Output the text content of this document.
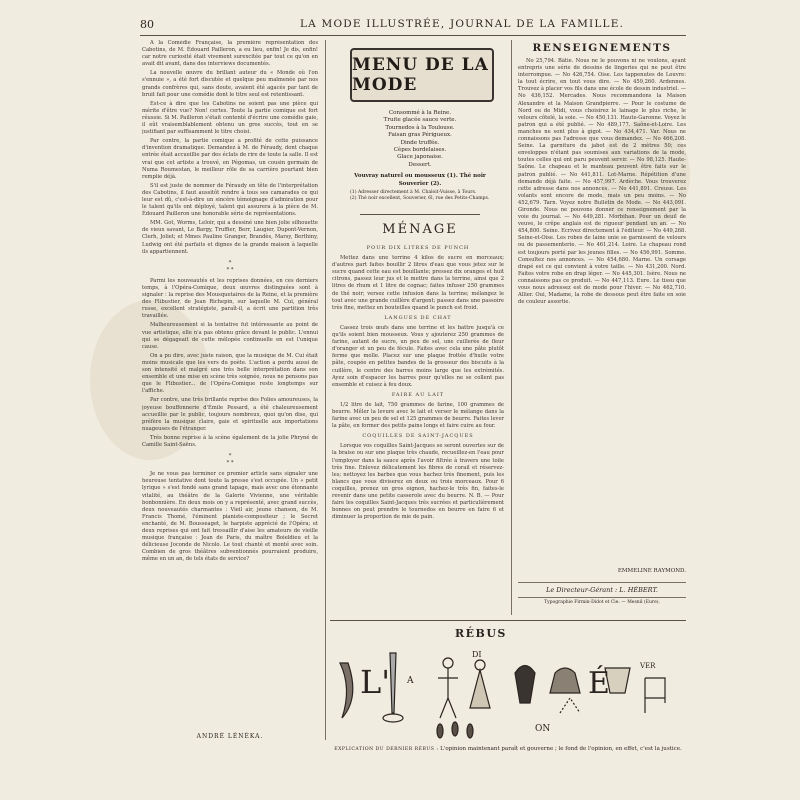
80	LA MODE ILLUSTRÉE, JOURNAL DE LA FAMILLE.

A la Comédie Française, la première représentation des Cabotins, de M. Édouard Pailleron, a eu lieu, enfin! Je dis, enfin! car notre curiosité était vivement surexcitée par tout ce qu'on en avait dit avant, dans des interviews documentés.

La nouvelle œuvre du brillant auteur du « Monde où l'on s'ennuie », a été fort discutée et quelque peu malmenée par nos grands confrères qui, sans doute, avaient été agacés par tant de bruit fait pour une comédie dont le titre seul est retentissant.

Est-ce à dire que les Cabotins ne soient pas une pièce qui mérite d'être vue? Non! certes. Toute la partie comique est fort réussie. Si M. Pailleron s'était contenté d'écrire une comédie gaie, il eût vraisemblablement obtenu un gros succès, tout en se justifiant par suffisamment le titre choisi.

Par contre, la partie comique a profité de cette puissance d'invention dramatique. Demandez à M. de Féraudy, dont chaque entrée était accueillie par des éclats de rire de toute la salle. Il est vrai que cet artiste a trouvé, en Pégomas, un cousin germain de Numa Roumestan, le meilleur rôle de sa carrière pourtant bien remplie déjà.

S'il est juste de nommer de Féraudy en tête de l'interprétation des Cabotins, il faut aussitôt rendre à tous ses camarades ce qui leur est dû, c'est-à-dire un sincère témoignage d'admiration pour le talent qu'ils ont déployé, talent qui assurera à la pièce de M. Édouard Pailleron une honorable série de représentations.

MM. Got, Worms, Leloir, qui a dessiné une bien jolie silhouette de vieux savant, Le Bargy, Truffier, Berr, Laugier, Dupont-Vernon, Clerh, Joliet; et Mmes Pauline Granger, Brandès, Marsy, Berthiny, Ludwig ont été parfaits et dignes de la grande maison à laquelle ils appartiennent.

*
* *

Parmi les nouveautés et les reprises données, en ces derniers temps, à l'Opéra-Comique, deux œuvres distinguées sont à signaler : la reprise des Mousquetaires de la Reine, et la première des Flibustier, de Jean Richepin, sur laquelle M. Cui, général russe, excellent stratégiste, paraît-il, a écrit une partition très travaillée.

Malheureusement si la tentative fut intéressante au point de vue artistique, elle n'a pas obtenu grâce devant le public. L'ennui qui se dégageait de cette mélopée continuelle en est l'unique cause.

On a pu dire, avec juste raison, que la musique de M. Cui était moins musicale que les vers du poète. L'action a perdu aussi de son intensité et malgré une très belle interprétation dans son ensemble et une mise en scène très soignée, nous ne pensons pas que le Flibustier... de l'Opéra-Comique reste longtemps sur l'affiche.

Par contre, une très brillante reprise des Folies amoureuses, la joyeuse bouffonnerie d'Émile Pessard, a été chaleureusement accueillie par le public, toujours nombreux, quoi qu'on dise, qui préfère la musique claire, gaie et spirituelle aux importations nuageuses de l'étranger.

Très bonne reprise à la scène également de la jolie Phryné de Camille Saint-Saëns.

*
* *

Je ne vous pas terminer ce premier article sans signaler une heureuse tentative dont toute la presse s'est occupée. Un « petit lyrique » s'est fondé sans grand tapage, mais avec une étonnante vitalité, au théâtre de la Galerie Vivienne, une véritable bonbonnière. En deux mois on y a représenté, avec grand succès, deux nouveautés charmantes : Vieil air, jeune chanson, de M. Francis Thomé, l'éminent pianiste-compositeur ; le Secret enchanté, de M. Bousseaget, le harpiste apprécié de l'Opéra; et deux reprises qui ont fait tressaillir d'aise les amateurs de vieille musique française : Jean de Paris, du maître Boieldieu et la délicieuse Joconde de Nicolo. Le tout chanté et monté avec soin. Combien de gros théâtres subventionnés pourraient produire, même en un an, de tels états de service?

ANDRÉ LÉNÉKA.
MENU DE LA MODE
Consommé à la Reine.
Truite glacée sauce verte.
Tournedos à la Toulouse.
Faisan gras Périgueux.
Dinde truffée.
Cèpes bordelaises.
Glace japonaise.
Dessert.
Vouvray naturel ou mousseux (1). Thé noir Souverier (2).
(1) Adresser directement à M. Chaloit-Vuisse, à Tours.
(2) Thé noir excellent, Souverier, 6l, rue des Petits-Champs.
MÉNAGE
POUR DIX LITRES DE PUNCH

Mettez dans une terrine 4 kilos de sucre en morceaux; d'autres part faites bouillir 2 litres d'eau que vous jetez sur le sucre quand cette eau est bouillante; pressez dix oranges et huit citrons, passez leur jus et le mettre dans la terrine, ainsi que 2 litres de rhum et 1 litre de cognac; faites infuser 250 grammes de thé noir; versez cette infusion dans la terrine; mélangez le tout avec une grande cuillère d'argent; passez dans une passoire très fine, mettez en bouteilles quand le punch est froid.

LANGUES DE CHAT

Cassez trois œufs dans une terrine et les battre jusqu'à ce qu'ils soient bien mousseux. Vous y ajouterez 250 grammes de farine, autant de sucre, un peu de sel, une cuillerée de fleur d'oranger et un peu de fécule. Faites avec cela une pâte plutôt ferme que molle. Placez sur une plaque frottée d'huile votre pâte, coupée en petites bandes de la grosseur des biscuits à la cuillère, le centre des barres moins large que les extrémités. Ayez soin d'espacer les barres pour qu'elles ne se collent pas ensemble et cuisez à feu doux.

FAIRE AU LAIT

1/2 litre de lait, 750 grammes de farine, 100 grammes de beurre. Mêler la levure avec le lait et verser le mélange dans la farine avec un peu de sel et 125 grammes de beurre. Faites lever la pâte, en former des petits pains longs et faire cuire au four.

COQUILLES DE SAINT-JACQUES

Lorsque vos coquilles Saint-Jacques se seront ouvertes sur de la braise ou sur une plaque très chaude, recueillez-en l'eau pour l'employer dans la sauce après l'avoir filtrée à travers une toile très fine. Enlevez délicatement les fibres de corail et réservez-les; nettoyez les barbes que vous hachez très finement, puis les blancs que vous diviserez en deux ou trois morceaux. Pour 6 coquilles, prenez un gros oignon, hachez-le très fin, faites-le revenir dans une petite casserole avec du beurre. N. B. — Pour faire les coquilles Saint-Jacques très sucrées et particulièrement bonnes on peut prendre le tournedos en beurre en faire 6 et diminuer la proportion de mie de pain.

RENSEIGNEMENTS

No 25,794. Bâtie. Nous ne le pouvons ni ne voulons, ayant entrepris une série de dessins de lingeries qui ne peut être interrompue. — No 426,754. Oise. Les tappenutes de Louvre: la tout écrire, en tout vous dire. — No 459,260. Ardennes. Trouvez à placer vos fils dans une école de dessin industriel. — No 436,152. Mercades. Nous recommandons la Maison Alexandre et la Maison Grandpierre. — Pour le costume de Nord ou de Midi, vous choisirez le lainage le plus riche, le velours côtelé, la soie. — No 450,131. Haute-Garonne. Voyez le patron qui a été publié. — No 489,177. Saône-et-Loire. Les manches ne sont plus à gigot. — No 434,471. Var. Nous ne connaissons pas l'adresse que vous demandez. — No 466,208. Seine. La garniture du jabot est de 2 mètres 50; ces enveloppes n'étant pas soumises aux variations de la mode, toutes celles qui ont paru peuvent servir. — No 98,125. Haute-Saône. Le chapeau et le manteau peuvent être faits sur le patron publié. — No 441,811. Lot-Marne. Répétition d'une demande déjà faite. — No 457,997. Ardèche. Vous trouverez cette adresse dans nos annonces. — No 441,891. Creuse. Les volants sont encore de mode, mais un peu moins. — No 452,679. Tarn. Voyez notre Bulletin de Mode. — No 443,091. Gironde. Nous ne pouvons donner ce renseignement par la voie du journal. — No 449,281. Morbihan. Pour un deuil de veuve, le crêpe anglais est de rigueur pendant un an. — No 454,800. Seine. Ecrivez directement à l'éditeur. — No 449,268. Seine-et-Oise. Les robes de laine unie se garnissent de velours ou de passementerie. — No 461,214. Loire. Le chapeau rond est toujours porté par les jeunes filles. — No 456,991. Somme. Consultez nos annonces. — No 454,680. Marne. Un corsage drapé est ce qui convient à votre taille. — No 431,200. Nord. Faites votre robe en drap léger. — No 445,301. Isère. Nous ne connaissons pas ce produit. — No 447,113. Eure. Le tissu que vous nous adressez est de mode pour l'hiver. — No 462,710. Allier. Oui, Madame, la robe de dessous peut être faite en soie de couleur assortie.

EMMELINE RAYMOND.
Le Directeur-Gérant : L. HÉBERT.
Typographie Firmin-Didot et Cie. — Mesnil (Eure).
RÉBUS
L' A
DI
É	VER
ON
EXPLICATION DU DERNIER RÉBUS : L'opinion maintenant paraît et gouverne ; le fond de l'opinion, en effet, c'est la justice.
